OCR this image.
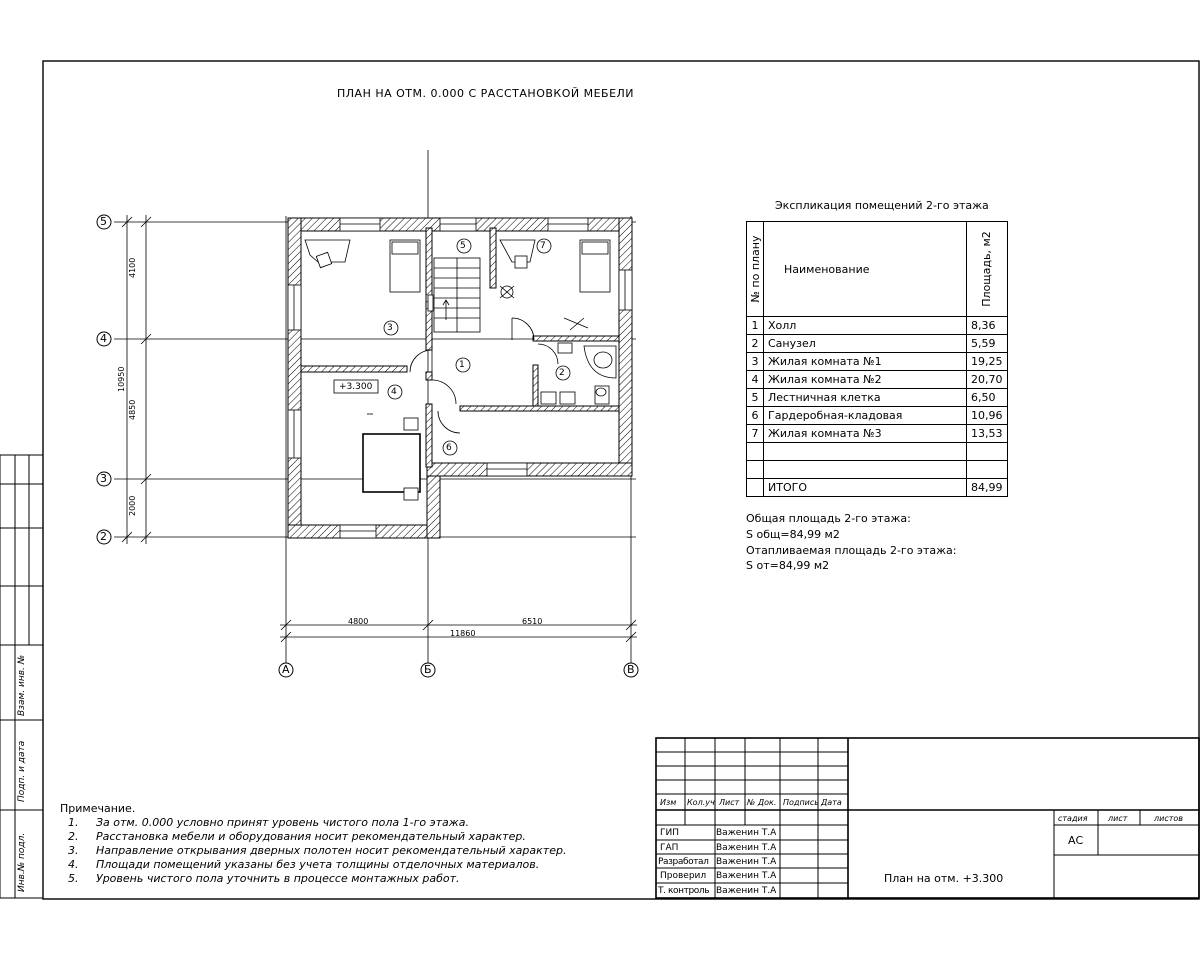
ПЛАН НА ОТМ. 0.000 С РАССТАНОВКОЙ МЕБЕЛИ
5
4
3
2
А	Б	В
4100
10950
4850
2000
4800	6510
11860
1
2
3
4
5
6
7
+3.300
Экспликация помещений 2-го этажа
№ по плану	Наименование	Площадь, м2

1	Холл	8,36
2	Санузел	5,59
3	Жилая комната №1	19,25
4	Жилая комната №2	20,70
5	Лестничная клетка	6,50
6	Гардеробная-кладовая	10,96
7	Жилая комната №3	13,53

	ИТОГО	84,99
Общая площадь 2-го этажа:
S общ=84,99 м2
Отапливаемая площадь 2-го этажа:
S от=84,99 м2
Примечание.
1. За отм. 0.000 условно принят уровень чистого пола 1-го этажа.
2. Расстановка мебели и оборудования носит рекомендательный характер.
3. Направление открывания дверных полотен носит рекомендательный характер.
4. Площади помещений указаны без учета толщины отделочных материалов.
5. Уровень чистого пола уточнить в процессе монтажных работ.
Взам. инв. №
Подп. и дата
Инв.№ подл.
Изм Кол.уч Лист № Док. Подпись Дата
ГИП	Важенин Т.А
ГАП	Важенин Т.А
Разработал Важенин Т.А
Проверил Важенин Т.А
Т. контроль Важенин Т.А
стадия	лист	листов
АС
План на отм. +3.300
